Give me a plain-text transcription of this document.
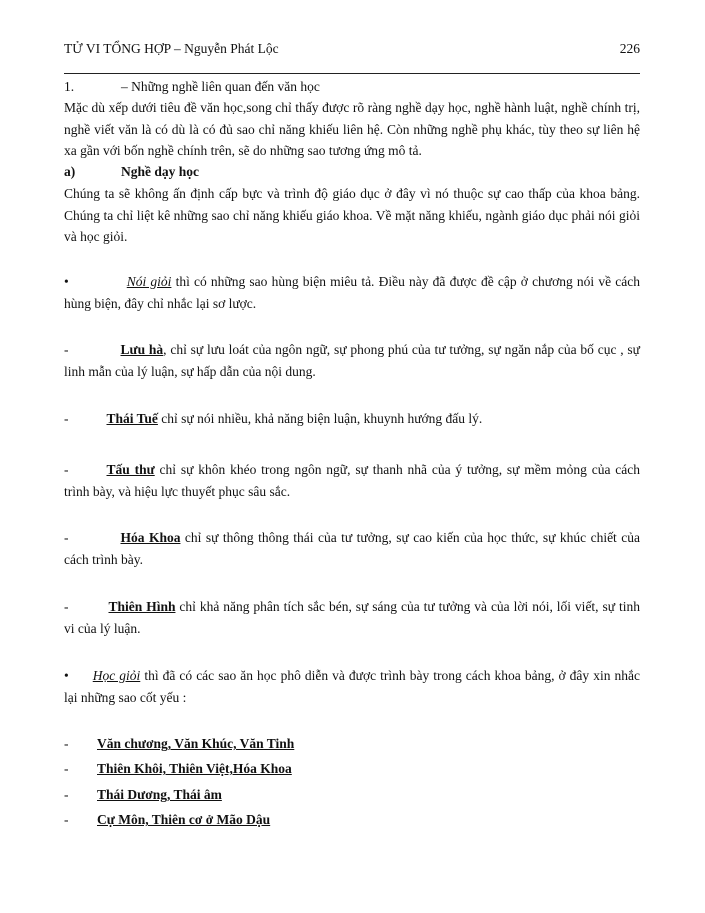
TỬ VI TỔNG HỢP – Nguyễn Phát Lộc	226
1.	– Những nghề liên quan đến văn học
Mặc dù xếp dưới tiêu đề văn học,song chỉ thấy được rõ ràng nghề dạy học, nghề hành luật, nghề chính trị, nghề viết văn là có dù là có đủ sao chỉ năng khiếu liên hệ. Còn những nghề phụ khác, tùy theo sự liên hệ xa gần với bốn nghề chính trên, sẽ do những sao tương ứng mô tả.
a)	Nghề dạy học
Chúng ta sẽ không ấn định cấp bực và trình độ giáo dục ở đây vì nó thuộc sự cao thấp của khoa bảng. Chúng ta chỉ liệt kê những sao chỉ năng khiếu giáo khoa. Về mặt năng khiếu, ngành giáo dục phải nói giỏi và học giỏi.
•	Nói giỏi thì có những sao hùng biện miêu tả. Điều này đã được đề cập ở chương nói về cách hùng biện, đây chỉ nhắc lại sơ lược.
-	Lưu hà, chỉ sự lưu loát của ngôn ngữ, sự phong phú của tư tưởng, sự ngăn nắp của bố cục , sự linh mẫn của lý luận, sự hấp dẫn của nội dung.
-	Thái Tuế chỉ sự nói nhiều, khả năng biện luận, khuynh hướng đấu lý.
-	Tấu thư chỉ sự khôn khéo trong ngôn ngữ, sự thanh nhã của ý tưởng, sự mềm mỏng của cách trình bày, và hiệu lực thuyết phục sâu sắc.
-	Hóa Khoa chỉ sự thông thông thái của tư tưởng, sự cao kiến của học thức, sự khúc chiết của cách trình bày.
-	Thiên Hình chỉ khả năng phân tích sắc bén, sự sáng của tư tưởng và của lời nói, lối viết, sự tinh vi của lý luận.
• Học giỏi thì đã có các sao ăn học phô diễn và được trình bày trong cách khoa bảng, ở đây xin nhắc lại những sao cốt yếu :
- Văn chương, Văn Khúc, Văn Tinh
- Thiên Khôi, Thiên Việt,Hóa Khoa
- Thái Dương, Thái âm
- Cự Môn, Thiên cơ ở Mão Dậu
